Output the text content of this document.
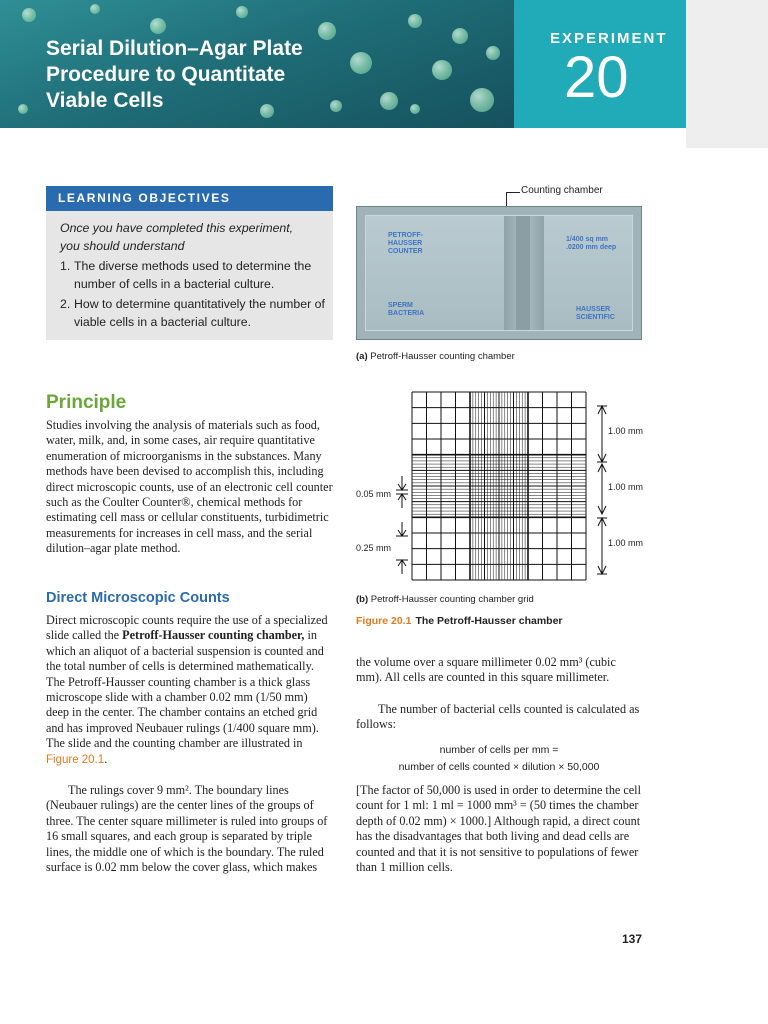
Serial Dilution–Agar Plate
Procedure to Quantitate
Viable Cells
EXPERIMENT
20
LEARNING OBJECTIVES

Once you have completed this experiment, you should understand

1. The diverse methods used to determine the number of cells in a bacterial culture.
2. How to determine quantitatively the number of viable cells in a bacterial culture.
Counting chamber
PETROFF-
HAUSSER
COUNTER
1/400 sq mm
.0200 mm deep
SPERM
BACTERIA
HAUSSER
SCIENTIFIC
(a) Petroff-Hausser counting chamber
1.00 mm
1.00 mm
1.00 mm
0.05 mm
0.25 mm
(b) Petroff-Hausser counting chamber grid
Figure 20.1 The Petroff-Hausser chamber
Principle

Studies involving the analysis of materials such as food, water, milk, and, in some cases, air require quantitative enumeration of microorganisms in the substances. Many methods have been devised to accomplish this, including direct microscopic counts, use of an electronic cell counter such as the Coulter Counter®, chemical methods for estimating cell mass or cellular constituents, turbidimetric measurements for increases in cell mass, and the serial dilution–agar plate method.

Direct Microscopic Counts

Direct microscopic counts require the use of a specialized slide called the Petroff-Hausser counting chamber, in which an aliquot of a bacterial suspension is counted and the total number of cells is determined mathematically. The Petroff-Hausser counting chamber is a thick glass microscope slide with a chamber 0.02 mm (1/50 mm) deep in the center. The chamber contains an etched grid and has improved Neubauer rulings (1/400 square mm). The slide and the counting chamber are illustrated in Figure 20.1.

The rulings cover 9 mm². The boundary lines (Neubauer rulings) are the center lines of the groups of three. The center square millimeter is ruled into groups of 16 small squares, and each group is separated by triple lines, the middle one of which is the boundary. The ruled surface is 0.02 mm below the cover glass, which makes

the volume over a square millimeter 0.02 mm³ (cubic mm). All cells are counted in this square millimeter.

The number of bacterial cells counted is calculated as follows:

number of cells per mm =
number of cells counted × dilution × 50,000

[The factor of 50,000 is used in order to determine the cell count for 1 ml: 1 ml = 1000 mm³ = (50 times the chamber depth of 0.02 mm) × 1000.] Although rapid, a direct count has the disadvantages that both living and dead cells are counted and that it is not sensitive to populations of fewer than 1 million cells.

137
